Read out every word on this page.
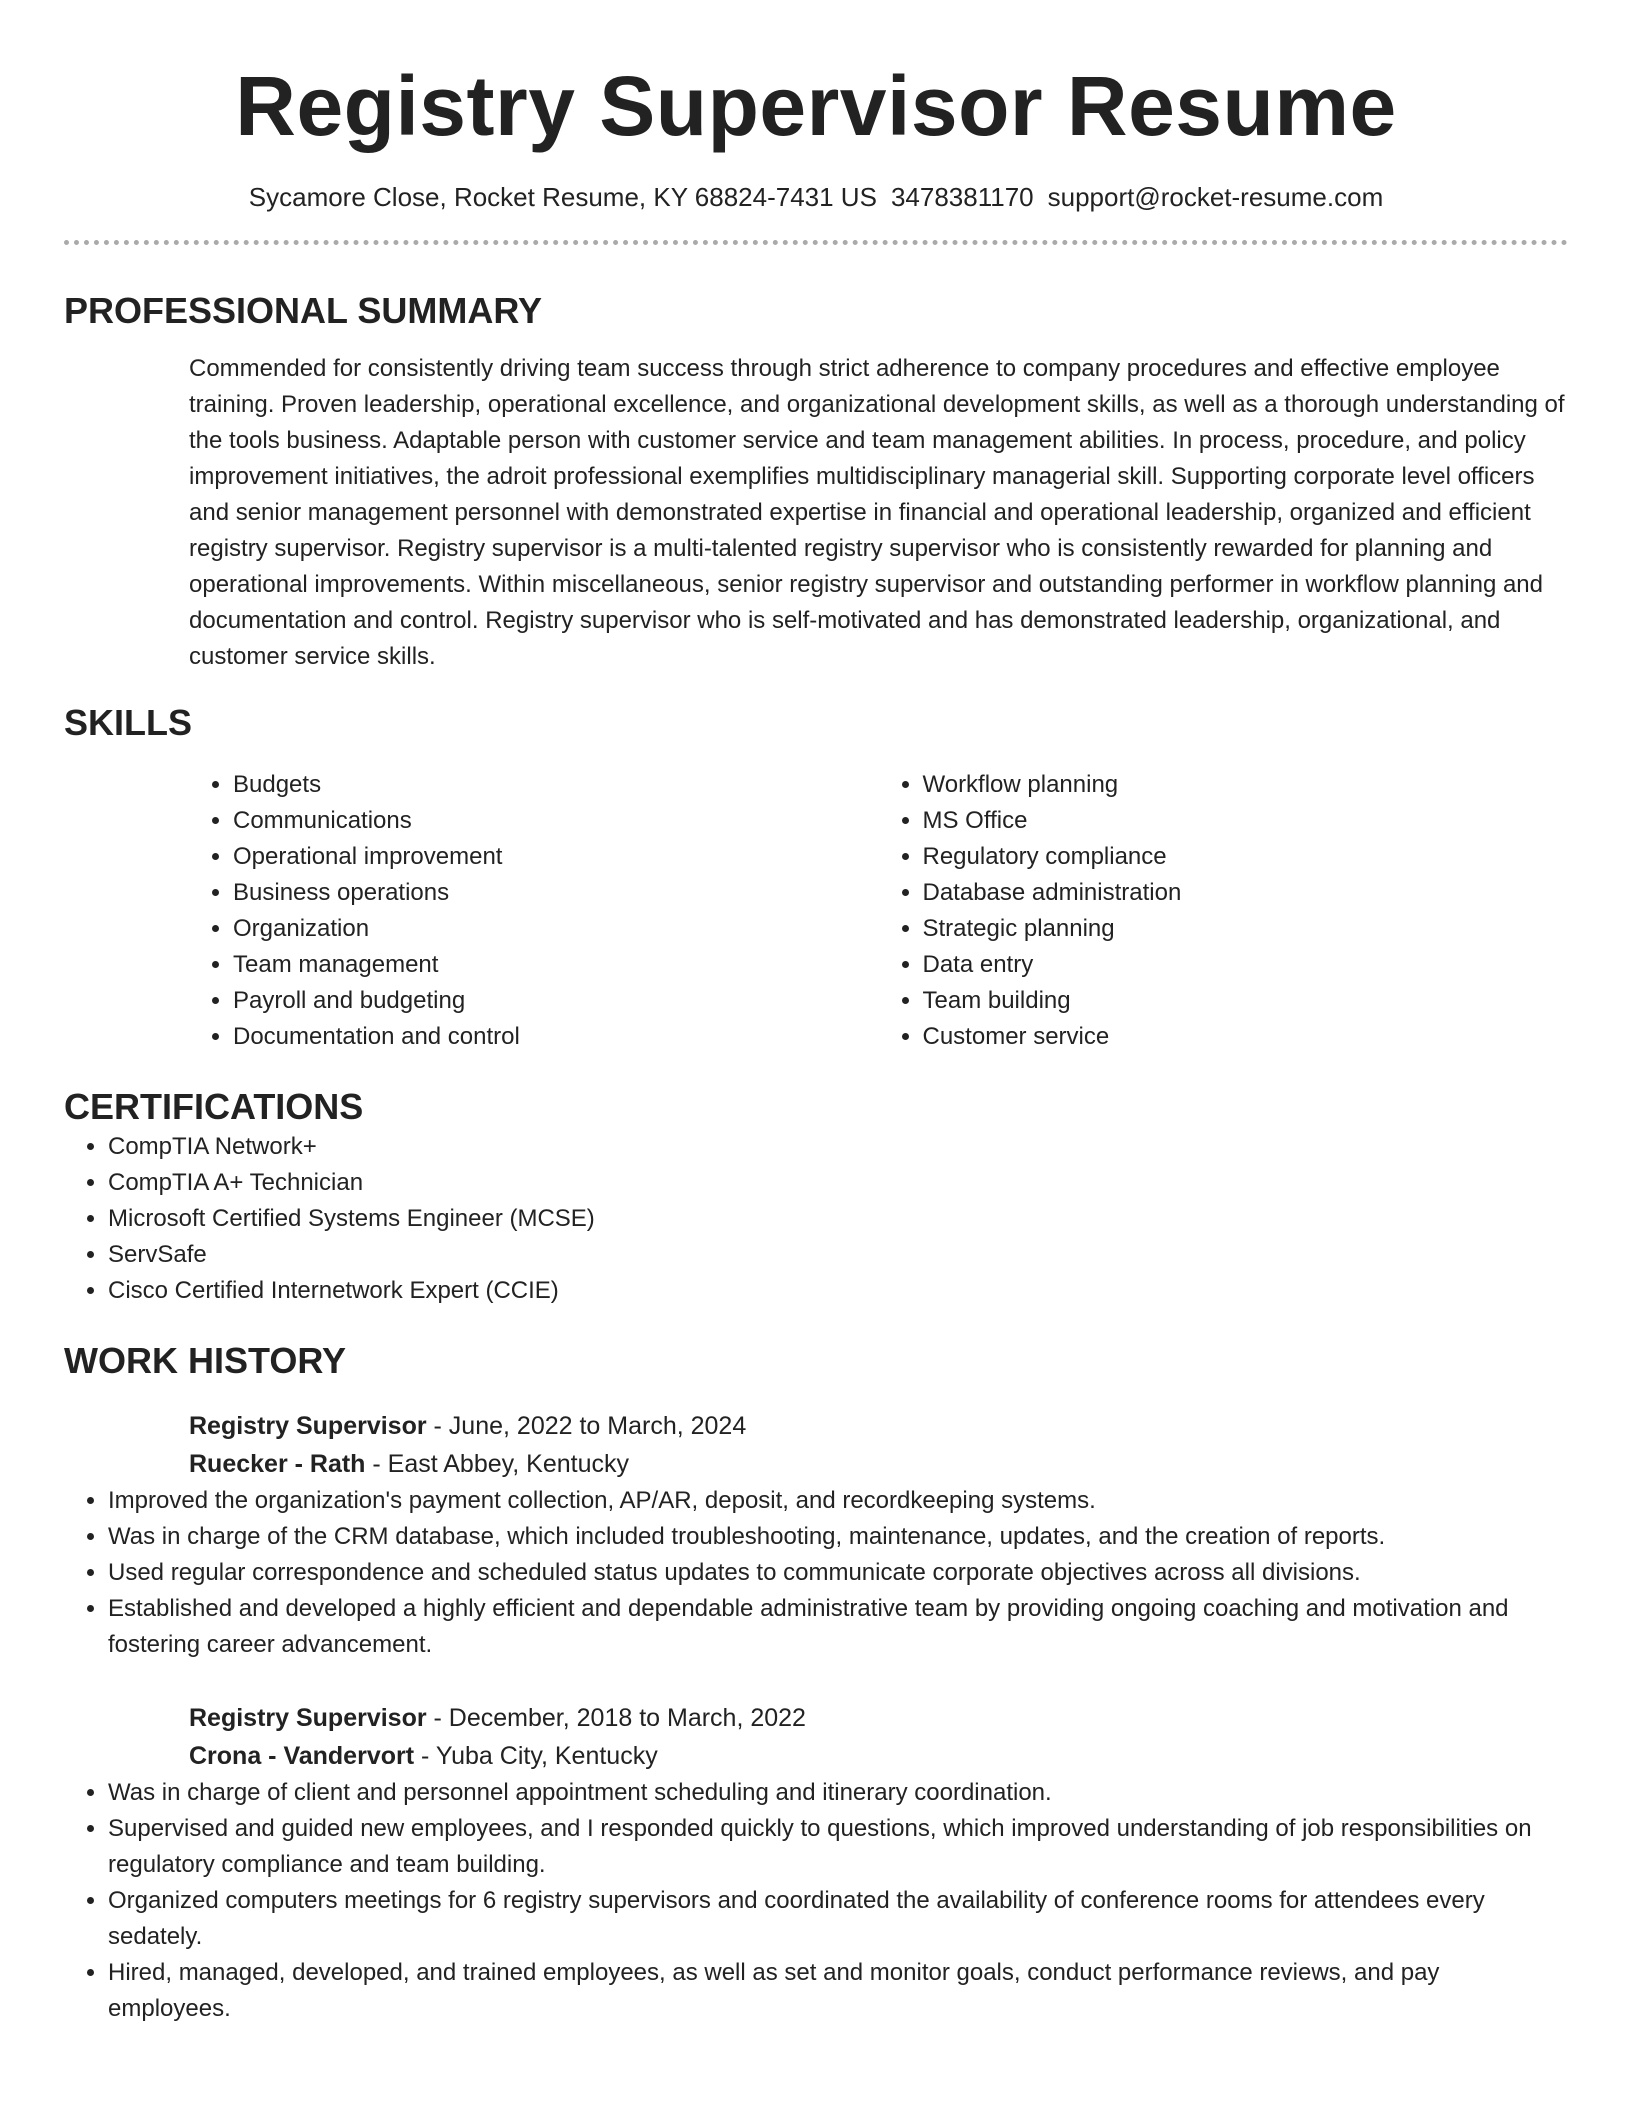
Registry Supervisor Resume
Sycamore Close, Rocket Resume, KY 68824-7431 US 3478381170 support@rocket-resume.com
PROFESSIONAL SUMMARY

Commended for consistently driving team success through strict adherence to company procedures and effective employee training. Proven leadership, operational excellence, and organizational development skills, as well as a thorough understanding of the tools business. Adaptable person with customer service and team management abilities. In process, procedure, and policy improvement initiatives, the adroit professional exemplifies multidisciplinary managerial skill. Supporting corporate level officers and senior management personnel with demonstrated expertise in financial and operational leadership, organized and efficient registry supervisor. Registry supervisor is a multi-talented registry supervisor who is consistently rewarded for planning and operational improvements. Within miscellaneous, senior registry supervisor and outstanding performer in workflow planning and documentation and control. Registry supervisor who is self-motivated and has demonstrated leadership, organizational, and customer service skills.

SKILLS
• Budgets
• Communications
• Operational improvement
• Business operations
• Organization
• Team management
• Payroll and budgeting
• Documentation and control
• Workflow planning
• MS Office
• Regulatory compliance
• Database administration
• Strategic planning
• Data entry
• Team building
• Customer service
CERTIFICATIONS
• CompTIA Network+
• CompTIA A+ Technician
• Microsoft Certified Systems Engineer (MCSE)
• ServSafe
• Cisco Certified Internetwork Expert (CCIE)
WORK HISTORY
Registry Supervisor - June, 2022 to March, 2024
Ruecker - Rath - East Abbey, Kentucky
• Improved the organization's payment collection, AP/AR, deposit, and recordkeeping systems.
• Was in charge of the CRM database, which included troubleshooting, maintenance, updates, and the creation of reports.
• Used regular correspondence and scheduled status updates to communicate corporate objectives across all divisions.
• Established and developed a highly efficient and dependable administrative team by providing ongoing coaching and motivation and fostering career advancement.
Registry Supervisor - December, 2018 to March, 2022
Crona - Vandervort - Yuba City, Kentucky
• Was in charge of client and personnel appointment scheduling and itinerary coordination.
• Supervised and guided new employees, and I responded quickly to questions, which improved understanding of job responsibilities on regulatory compliance and team building.
• Organized computers meetings for 6 registry supervisors and coordinated the availability of conference rooms for attendees every sedately.
• Hired, managed, developed, and trained employees, as well as set and monitor goals, conduct performance reviews, and pay employees.
